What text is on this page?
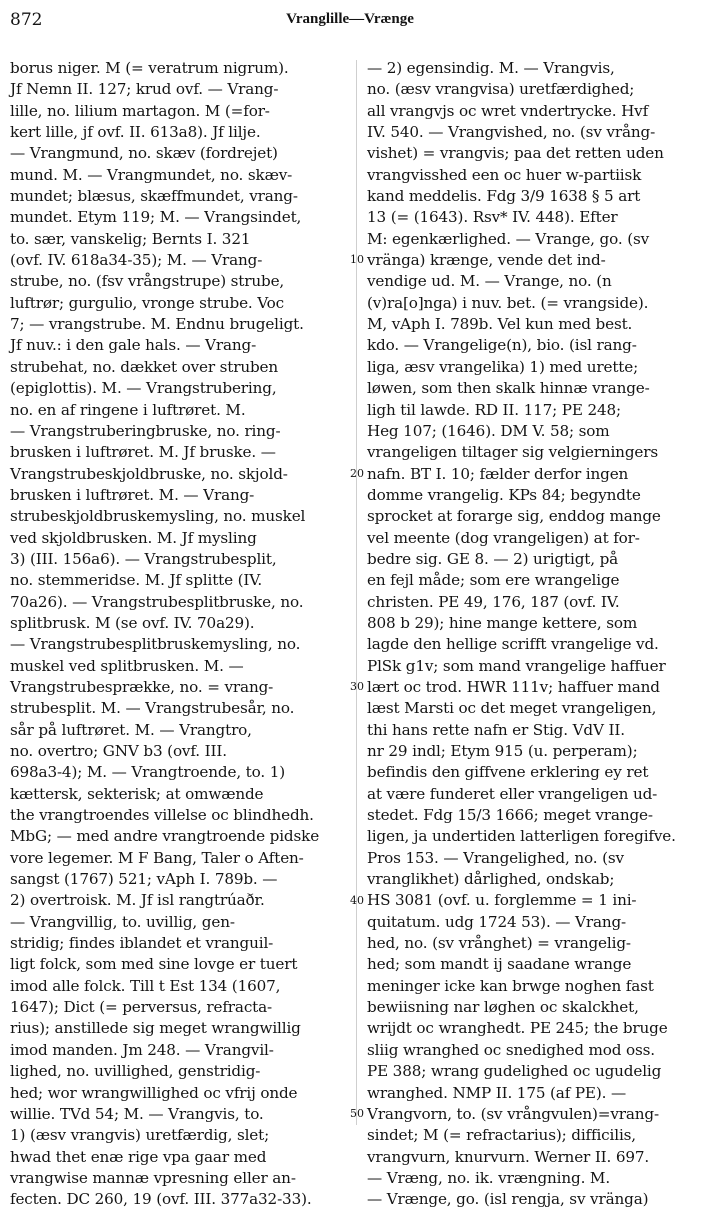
872	Vranglille—Vrænge
borus niger. M (= veratrum nigrum).
Jf Nemn II. 127; krud ovf. — Vrang-
lille, no. lilium martagon. M (=for-
kert lille, jf ovf. II. 613a8). Jf lilje.
— Vrangmund, no. skæv (fordrejet)
mund. M. — Vrangmundet, no. skæv-
mundet; blæsus, skæffmundet, vrang-
mundet. Etym 119; M. — Vrangsindet,
to. sær, vanskelig; Bernts I. 321
(ovf. IV. 618a34-35); M. — Vrang-
strube, no. (fsv vrångstrupe) strube,
luftrør; gurgulio, vronge strube. Voc
7; — vrangstrube. M. Endnu brugeligt.
Jf nuv.: i den gale hals. — Vrang-
strubehat, no. dækket over struben
(epiglottis). M. — Vrangstrubering,
no. en af ringene i luftrøret. M.
— Vrangstruberingbruske, no. ring-
brusken i luftrøret. M. Jf bruske. —
Vrangstrubeskjoldbruske, no. skjold-
brusken i luftrøret. M. — Vrang-
strubeskjoldbruskemysling, no. muskel
ved skjoldbrusken. M. Jf mysling
3) (III. 156a6). — Vrangstrubesplit,
no. stemmeridse. M. Jf splitte (IV.
70a26). — Vrangstrubesplitbruske, no.
splitbrusk. M (se ovf. IV. 70a29).
— Vrangstrubesplitbruskemysling, no.
muskel ved splitbrusken. M. —
Vrangstrubesprække, no. = vrang-
strubesplit. M. — Vrangstrubesår, no.
sår på luftrøret. M. — Vrangtro,
no. overtro; GNV b3 (ovf. III.
698a3-4); M. — Vrangtroende, to. 1)
kættersk, sekterisk; at omwænde
the vrangtroendes villelse oc blindhedh.
MbG; — med andre vrangtroende pidske
vore legemer. M F Bang, Taler o Aften-
sangst (1767) 521; vAph I. 789b. —
2) overtroisk. M. Jf isl rangtrúaðr.
— Vrangvillig, to. uvillig, gen-
stridig; findes iblandet et vranguil-
ligt folck, som med sine lovge er tuert
imod alle folck. Till t Est 134 (1607,
1647); Dict (= perversus, refracta-
rius); anstillede sig meget wrangwillig
imod manden. Jm 248. — Vrangvil-
lighed, no. uvillighed, genstridig-
hed; wor wrangwillighed oc vfrij onde
willie. TVd 54; M. — Vrangvis, to.
1) (æsv vrangvis) uretfærdig, slet;
hwad thet enæ rige vpa gaar med
vrangwise mannæ vpresning eller an-
fecten. DC 260, 19 (ovf. III. 377a32-33).
— 2) egensindig. M. — Vrangvis,
no. (æsv vrangvisa) uretfærdighed;
all vrangvjs oc wret vndertrycke. Hvf
IV. 540. — Vrangvished, no. (sv vrång-
vishet) = vrangvis; paa det retten uden
vrangvisshed een oc huer w-partiisk
kand meddelis. Fdg 3/9 1638 § 5 art
13 (= (1643). Rsv* IV. 448). Efter
M: egenkærlighed. — Vrange, go. (sv
vränga) krænge, vende det ind-
vendige ud. M. — Vrange, no. (n
(v)ra[o]nga) i nuv. bet. (= vrangside).
M, vAph I. 789b. Vel kun med best.
kdo. — Vrangelige(n), bio. (isl rang-
liga, æsv vrangelika) 1) med urette;
løwen, som then skalk hinnæ vrange-
ligh til lawde. RD II. 117; PE 248;
Heg 107; (1646). DM V. 58; som
vrangeligen tiltager sig velgierningers
nafn. BT I. 10; fælder derfor ingen
domme vrangelig. KPs 84; begyndte
sprocket at forarge sig, enddog mange
vel meente (dog vrangeligen) at for-
bedre sig. GE 8. — 2) urigtigt, på
en fejl måde; som ere wrangelige
christen. PE 49, 176, 187 (ovf. IV.
808 b 29); hine mange kettere, som
lagde den hellige scrifft vrangelige vd.
PlSk g1v; som mand vrangelige haffuer
lært oc trod. HWR 111v; haffuer mand
læst Marsti oc det meget vrangeligen,
thi hans rette nafn er Stig. VdV II.
nr 29 indl; Etym 915 (u. perperam);
befindis den giffvene erklering ey ret
at være funderet eller vrangeligen ud-
stedet. Fdg 15/3 1666; meget vrange-
ligen, ja undertiden latterligen foregifve.
Pros 153. — Vrangelighed, no. (sv
vranglikhet) dårlighed, ondskab;
HS 3081 (ovf. u. forglemme = 1 ini-
quitatum. udg 1724 53). — Vrang-
hed, no. (sv vrånghet) = vrangelig-
hed; som mandt ij saadane wrange
meninger icke kan brwge noghen fast
bewiisning nar løghen oc skalckhet,
wrijdt oc wranghedt. PE 245; the bruge
sliig wranghed oc snedighed mod oss.
PE 388; wrang gudelighed oc ugudelig
wranghed. NMP II. 175 (af PE). —
Vrangvorn, to. (sv vrångvulen)=vrang-
sindet; M (= refractarius); difficilis,
vrangvurn, knurvurn. Werner II. 697.
— Vræng, no. ik. vrængning. M.
— Vrænge, go. (isl rengja, sv vränga)
10
20
30
40
50
